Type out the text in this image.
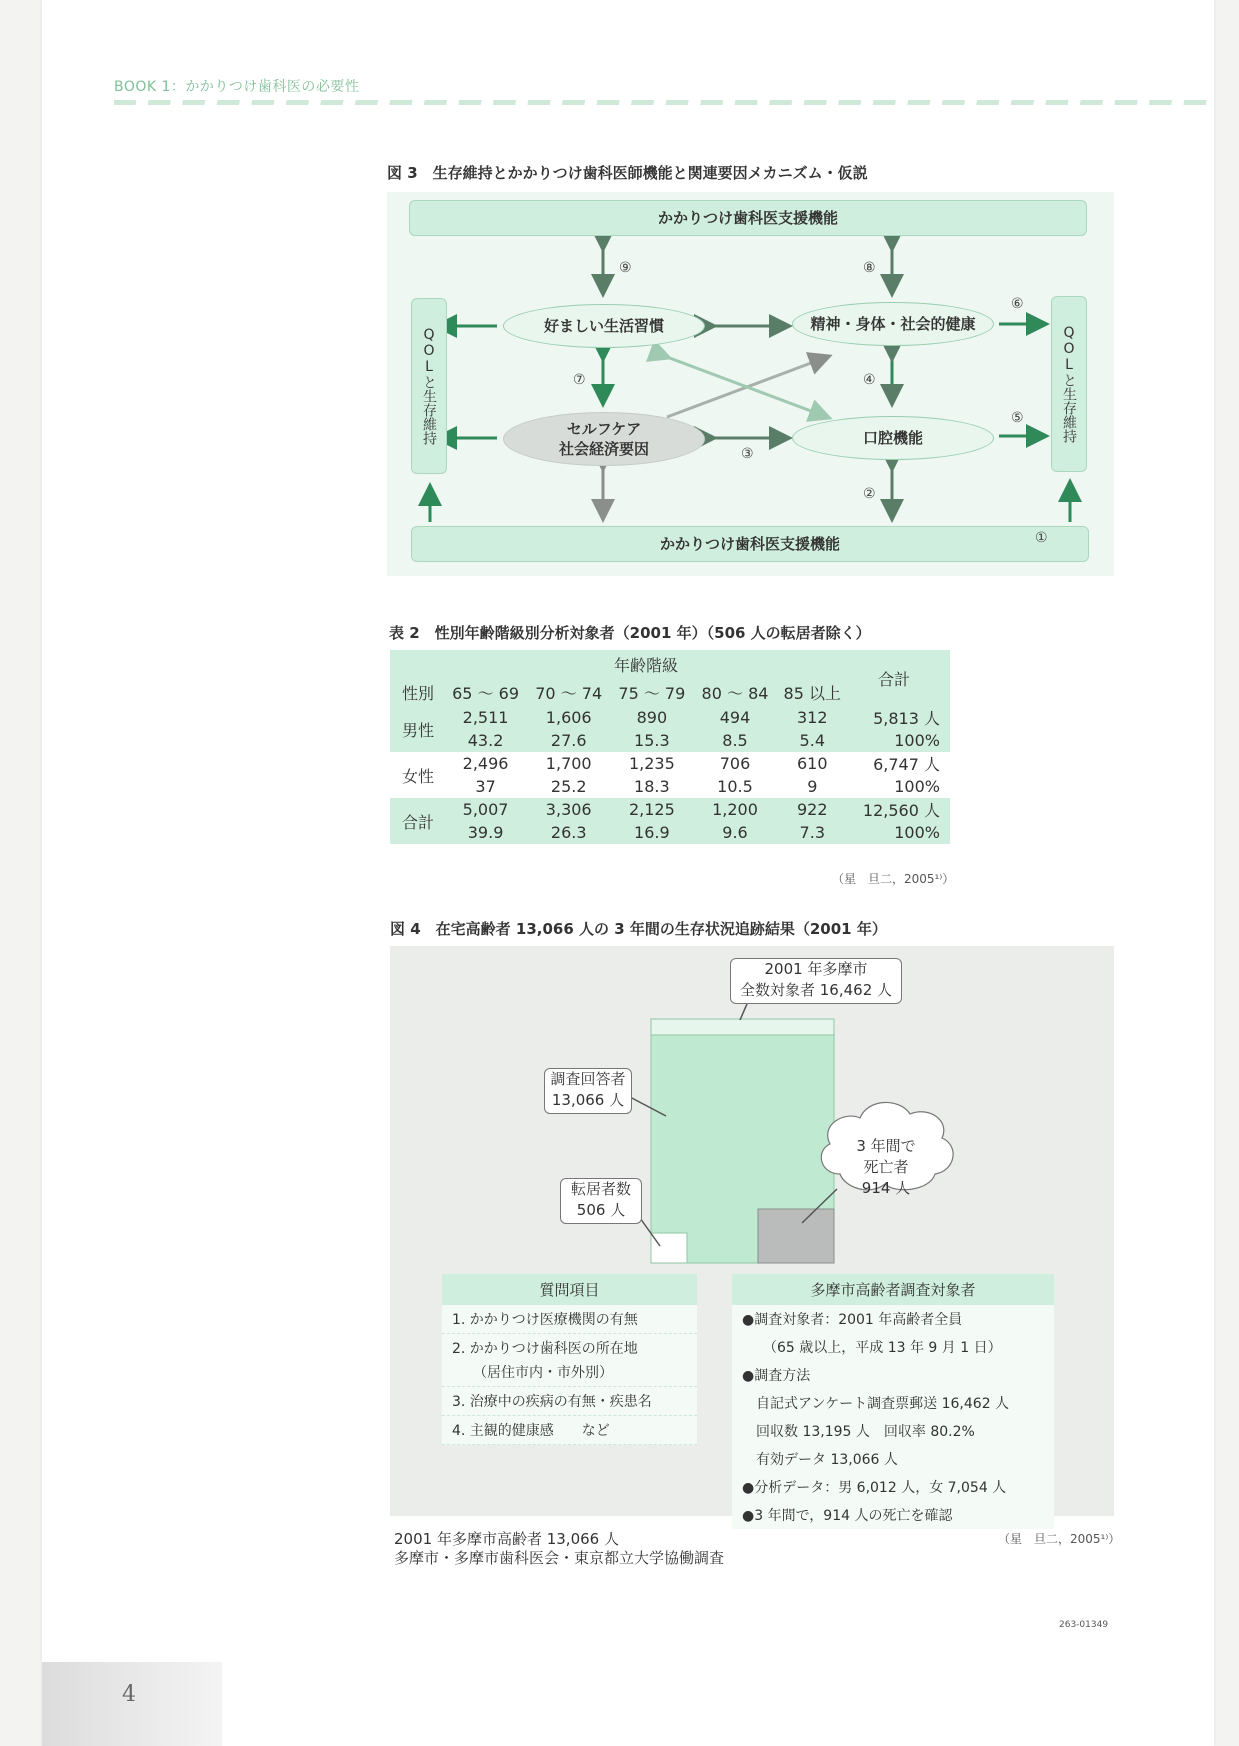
BOOK 1：かかりつけ歯科医の必要性
図 3　生存維持とかかりつけ歯科医師機能と関連要因メカニズム・仮説
かかりつけ歯科医支援機能
かかりつけ歯科医支援機能
QOLと生存維持	QOLと生存維持
好ましい生活習慣	精神・身体・社会的健康
セルフケア
社会経済要因
口腔機能
①
②
③
④
⑤
⑥
⑦
⑧
⑨
表 2　性別年齢階級別分析対象者（2001 年）（506 人の転居者除く）
	年齢階級					合計
性別	65 ～ 69	70 ～ 74	75 ～ 79	80 ～ 84	85 以上	
男性	2,511	1,606	890	494	312	5,813 人
	43.2	27.6	15.3	8.5	5.4	100%
女性	2,496	1,700	1,235	706	610	6,747 人
	37	25.2	18.3	10.5	9	100%
合計	5,007	3,306	2,125	1,200	922	12,560 人
	39.9	26.3	16.9	9.6	7.3	100%
（星　旦二，2005¹⁾）
図 4　在宅高齢者 13,066 人の 3 年間の生存状況追跡結果（2001 年）
2001 年多摩市
全数対象者 16,462 人
調査回答者
13,066 人
転居者数
506 人
3 年間で
死亡者
914 人
質問項目
1. かかりつけ医療機関の有無
2. かかりつけ歯科医の所在地
　　（居住市内・市外別）
3. 治療中の疾病の有無・疾患名
4. 主観的健康感　　など
多摩市高齢者調査対象者
●調査対象者：2001 年高齢者全員
　　（65 歳以上，平成 13 年 9 月 1 日）
●調査方法
　自記式アンケート調査票郵送 16,462 人
　回収数 13,195 人　回収率 80.2%
　有効データ 13,066 人
●分析データ：男 6,012 人，女 7,054 人
●3 年間で，914 人の死亡を確認
2001 年多摩市高齢者 13,066 人
多摩市・多摩市歯科医会・東京都立大学協働調査
（星　旦二，2005¹⁾）
263-01349
4
